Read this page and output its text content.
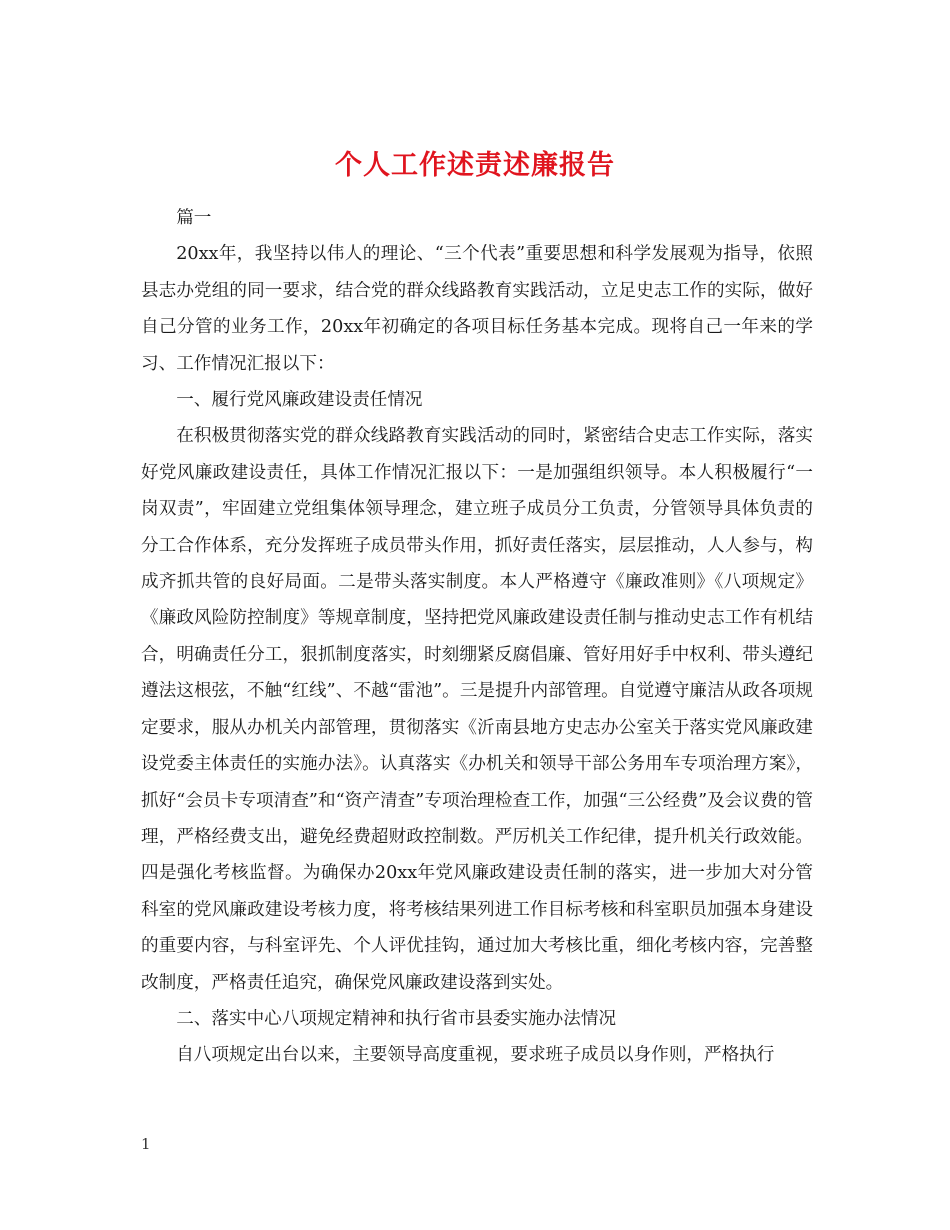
个人工作述责述廉报告

篇一

20xx年，我坚持以伟人的理论、“三个代表”重要思想和科学发展观为指导，依照县志办党组的同一要求，结合党的群众线路教育实践活动，立足史志工作的实际，做好自己分管的业务工作，20xx年初确定的各项目标任务基本完成。现将自己一年来的学习、工作情况汇报以下：

一、履行党风廉政建设责任情况

在积极贯彻落实党的群众线路教育实践活动的同时，紧密结合史志工作实际，落实好党风廉政建设责任，具体工作情况汇报以下：一是加强组织领导。本人积极履行“一岗双责”，牢固建立党组集体领导理念，建立班子成员分工负责，分管领导具体负责的分工合作体系，充分发挥班子成员带头作用，抓好责任落实，层层推动，人人参与，构成齐抓共管的良好局面。二是带头落实制度。本人严格遵守《廉政准则》《八项规定》《廉政风险防控制度》等规章制度，坚持把党风廉政建设责任制与推动史志工作有机结合，明确责任分工，狠抓制度落实，时刻绷紧反腐倡廉、管好用好手中权利、带头遵纪遵法这根弦，不触“红线”、不越“雷池”。三是提升内部管理。自觉遵守廉洁从政各项规定要求，服从办机关内部管理，贯彻落实《沂南县地方史志办公室关于落实党风廉政建设党委主体责任的实施办法》。认真落实《办机关和领导干部公务用车专项治理方案》，抓好“会员卡专项清查”和“资产清查”专项治理检查工作，加强“三公经费”及会议费的管理，严格经费支出，避免经费超财政控制数。严厉机关工作纪律，提升机关行政效能。四是强化考核监督。为确保办20xx年党风廉政建设责任制的落实，进一步加大对分管科室的党风廉政建设考核力度，将考核结果列进工作目标考核和科室职员加强本身建设的重要内容，与科室评先、个人评优挂钩，通过加大考核比重，细化考核内容，完善整改制度，严格责任追究，确保党风廉政建设落到实处。

二、落实中心八项规定精神和执行省市县委实施办法情况

自八项规定出台以来，主要领导高度重视，要求班子成员以身作则，严格执行

1
